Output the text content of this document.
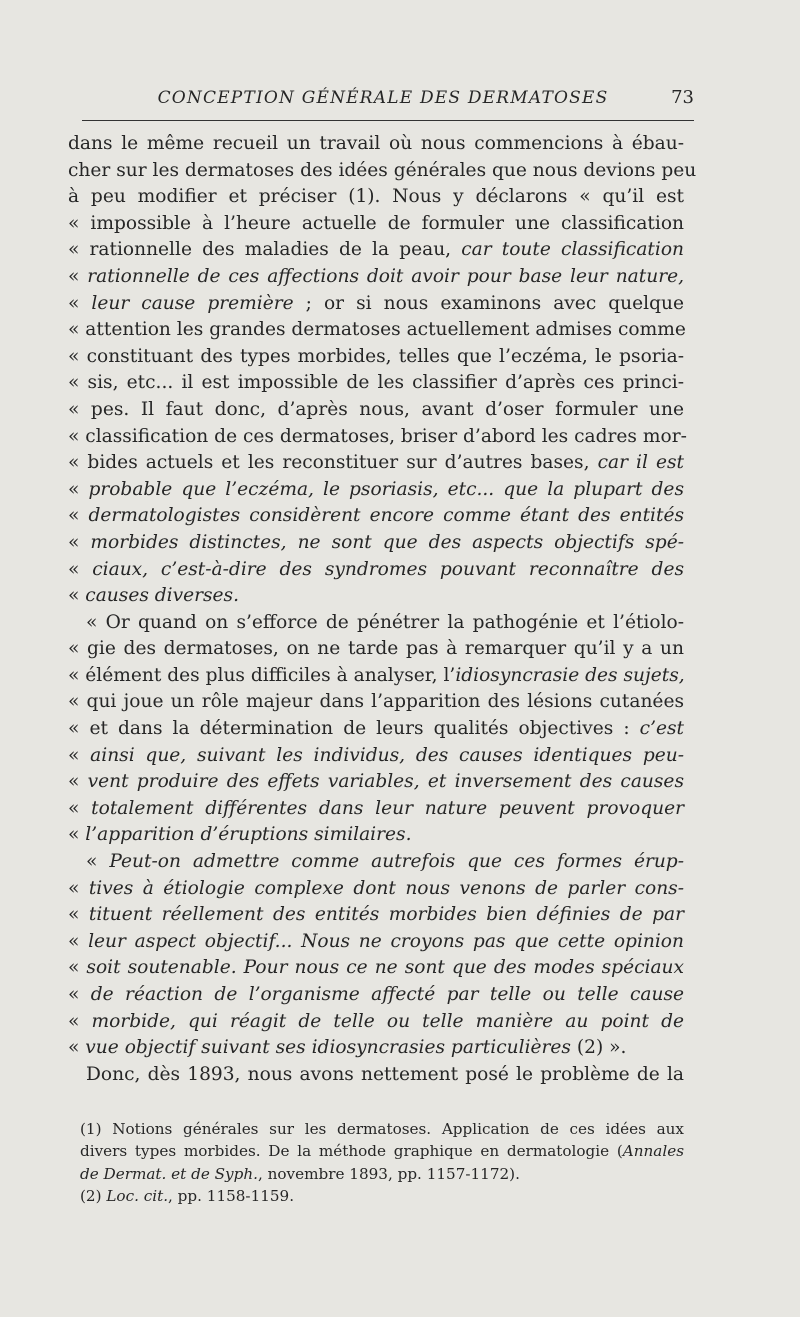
CONCEPTION GÉNÉRALE DES DERMATOSES	73
dans le même recueil un travail où nous commencions à ébau-
cher sur les dermatoses des idées générales que nous devions peu
à peu modifier et préciser (1). Nous y déclarons « qu’il est
« impossible à l’heure actuelle de formuler une classification
« rationnelle des maladies de la peau, car toute classification
« rationnelle de ces affections doit avoir pour base leur nature,
« leur cause première ; or si nous examinons avec quelque
« attention les grandes dermatoses actuellement admises comme
« constituant des types morbides, telles que l’eczéma, le psoria-
« sis, etc... il est impossible de les classifier d’après ces princi-
« pes. Il faut donc, d’après nous, avant d’oser formuler une
« classification de ces dermatoses, briser d’abord les cadres mor-
« bides actuels et les reconstituer sur d’autres bases, car il est
« probable que l’eczéma, le psoriasis, etc... que la plupart des
« dermatologistes considèrent encore comme étant des entités
« morbides distinctes, ne sont que des aspects objectifs spé-
« ciaux, c’est-à-dire des syndromes pouvant reconnaître des
« causes diverses.
« Or quand on s’efforce de pénétrer la pathogénie et l’étiolo-
« gie des dermatoses, on ne tarde pas à remarquer qu’il y a un
« élément des plus difficiles à analyser, l’idiosyncrasie des sujets,
« qui joue un rôle majeur dans l’apparition des lésions cutanées
« et dans la détermination de leurs qualités objectives : c’est
« ainsi que, suivant les individus, des causes identiques peu-
« vent produire des effets variables, et inversement des causes
« totalement différentes dans leur nature peuvent provoquer
« l’apparition d’éruptions similaires.
« Peut-on admettre comme autrefois que ces formes érup-
« tives à étiologie complexe dont nous venons de parler cons-
« tituent réellement des entités morbides bien définies de par
« leur aspect objectif... Nous ne croyons pas que cette opinion
« soit soutenable. Pour nous ce ne sont que des modes spéciaux
« de réaction de l’organisme affecté par telle ou telle cause
« morbide, qui réagit de telle ou telle manière au point de
« vue objectif suivant ses idiosyncrasies particulières (2) ».
Donc, dès 1893, nous avons nettement posé le problème de la
(1) Notions générales sur les dermatoses. Application de ces idées aux
divers types morbides. De la méthode graphique en dermatologie (Annales
de Dermat. et de Syph., novembre 1893, pp. 1157-1172).
(2) Loc. cit., pp. 1158-1159.
